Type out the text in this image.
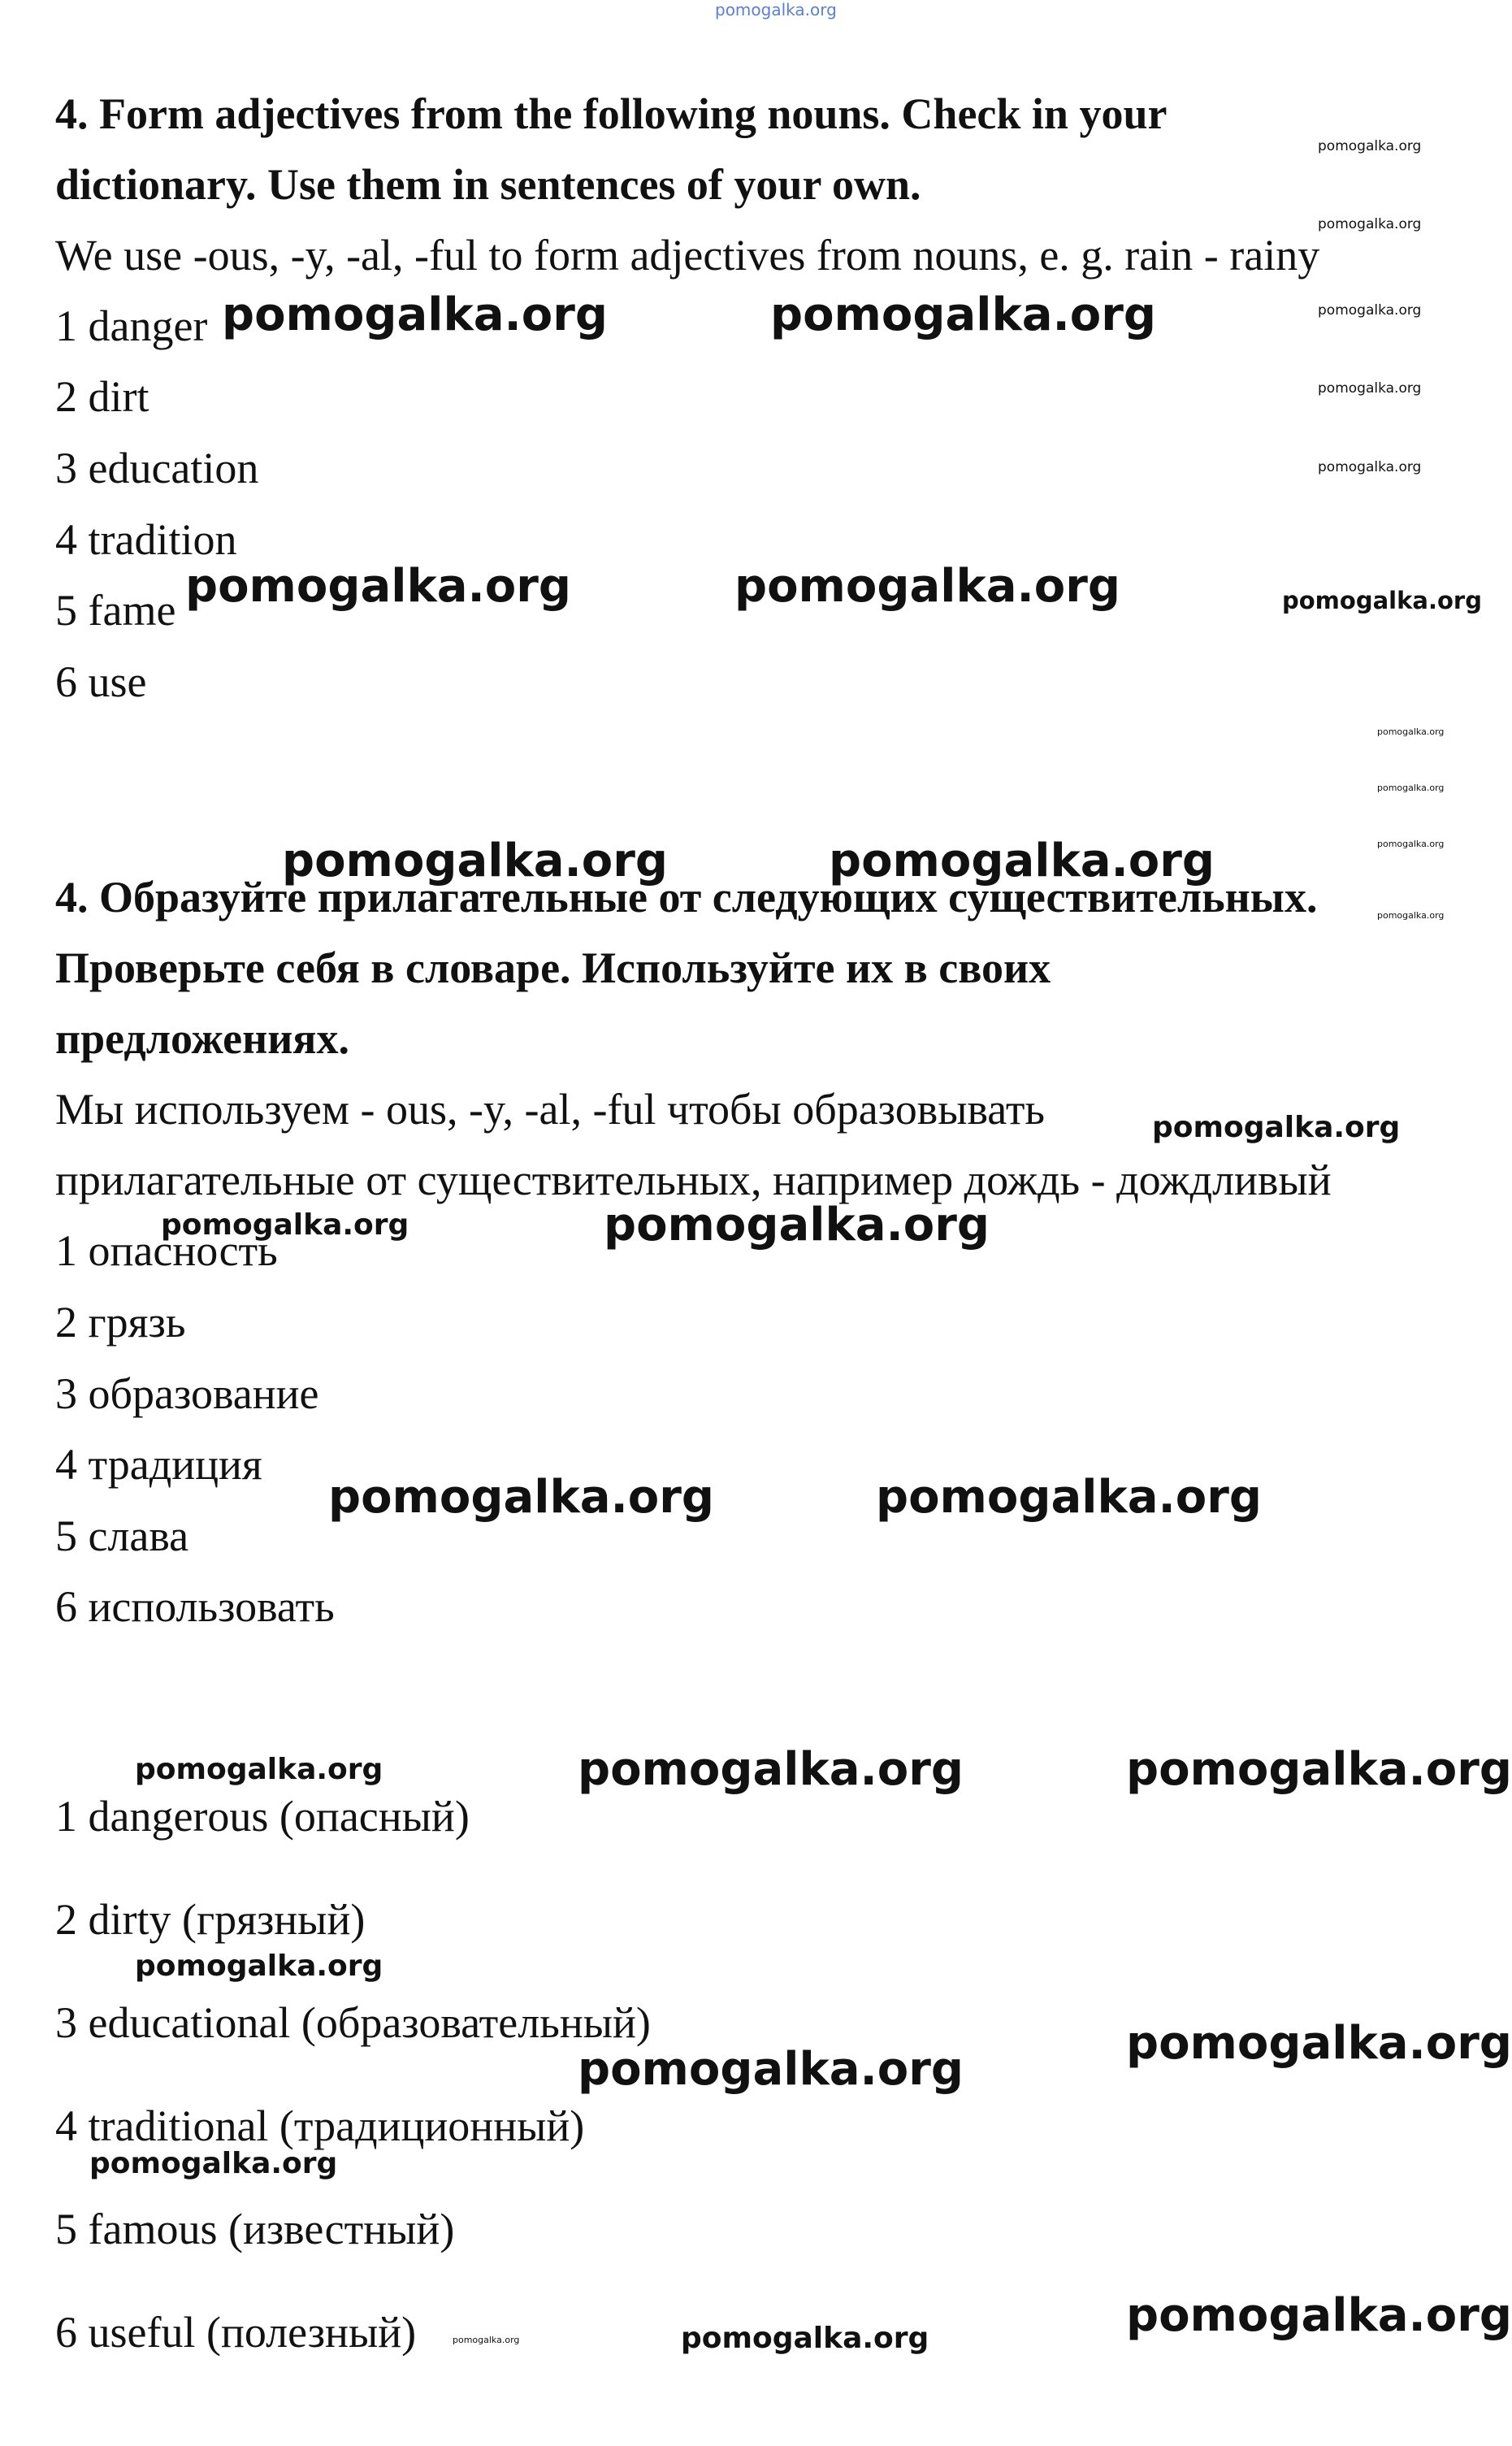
pomogalka.org
4. Form adjectives from the following nouns. Check in your
dictionary. Use them in sentences of your own.
We use -ous, -y, -al, -ful to form adjectives from nouns, e. g. rain - rainy
1 danger
2 dirt
3 education
4 tradition
5 fame
6 use
4. Образуйте прилагательные от следующих существительных.
Проверьте себя в словаре. Используйте их в своих
предложениях.
Мы используем - ous, -y, -al, -ful чтобы образовывать
прилагательные от существительных, например дождь - дождливый
1 опасность
2 грязь
3 образование
4 традиция
5 слава
6 использовать
1 dangerous (опасный)
2 dirty (грязный)
3 educational (образовательный)
4 traditional (традиционный)
5 famous (известный)
6 useful (полезный)
pomogalka.org
pomogalka.org
pomogalka.org
pomogalka.org
pomogalka.org
pomogalka.org
pomogalka.org
pomogalka.org
pomogalka.org
pomogalka.org
pomogalka.org	pomogalka.org
pomogalka.org	pomogalka.org
pomogalka.org	pomogalka.org
pomogalka.org
pomogalka.org	pomogalka.org
pomogalka.org	pomogalka.org
pomogalka.org	pomogalka.org	pomogalka.org
pomogalka.org
pomogalka.org	pomogalka.org
pomogalka.org
pomogalka.org	pomogalka.org	pomogalka.org
